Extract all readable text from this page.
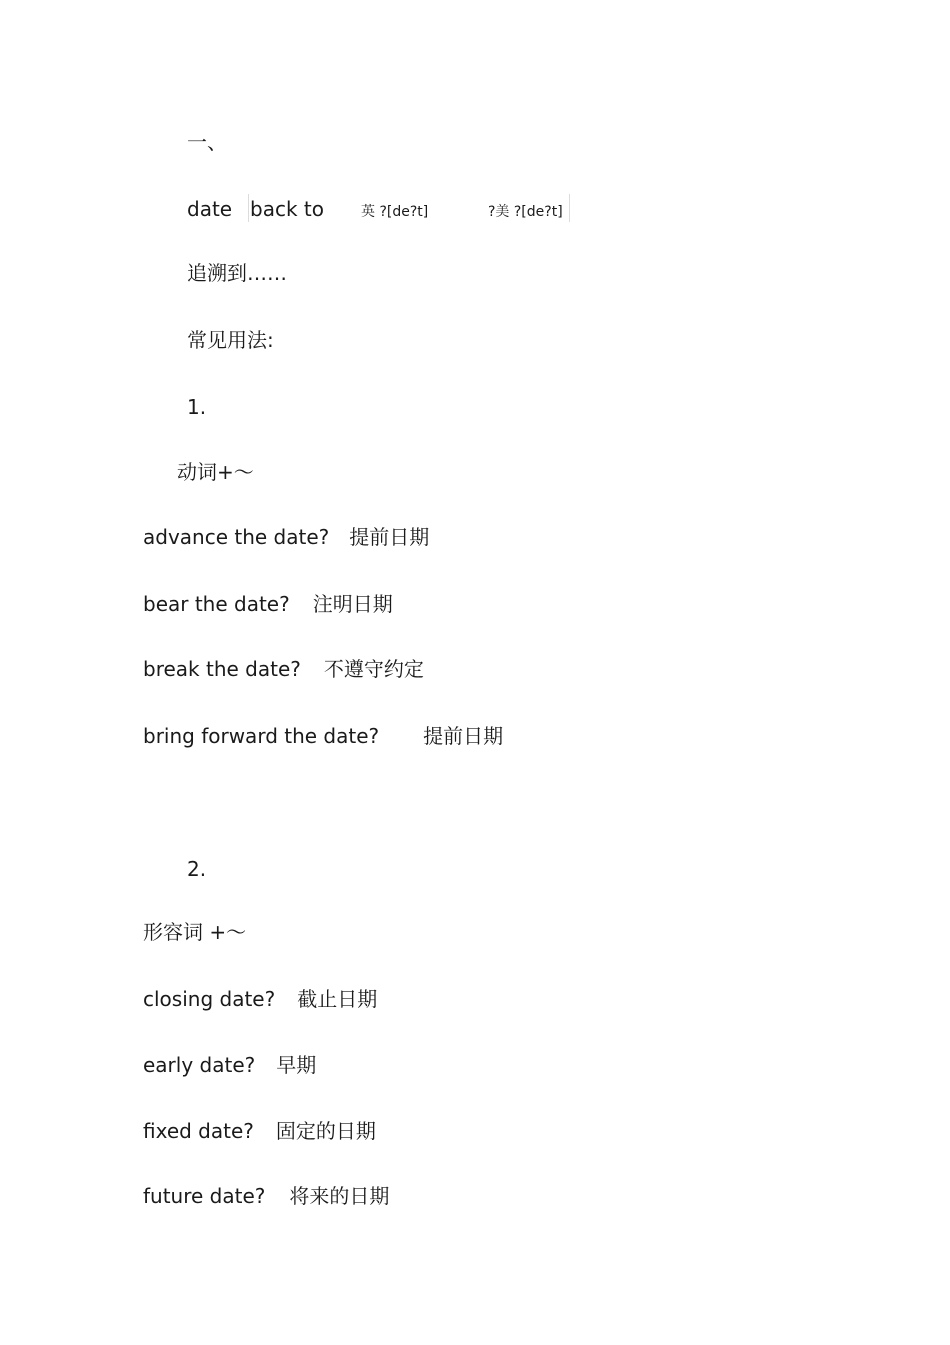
一、
date back to	英 ?[de?t]	?美 ?[de?t]
追溯到……
常见用法:
1.
动词+～
advance the date? 提前日期
bear the date? 注明日期
break the date? 不遵守约定
bring forward the date? 提前日期
2.
形容词 +～
closing date? 截止日期
early date? 早期
fixed date? 固定的日期
future date? 将来的日期
